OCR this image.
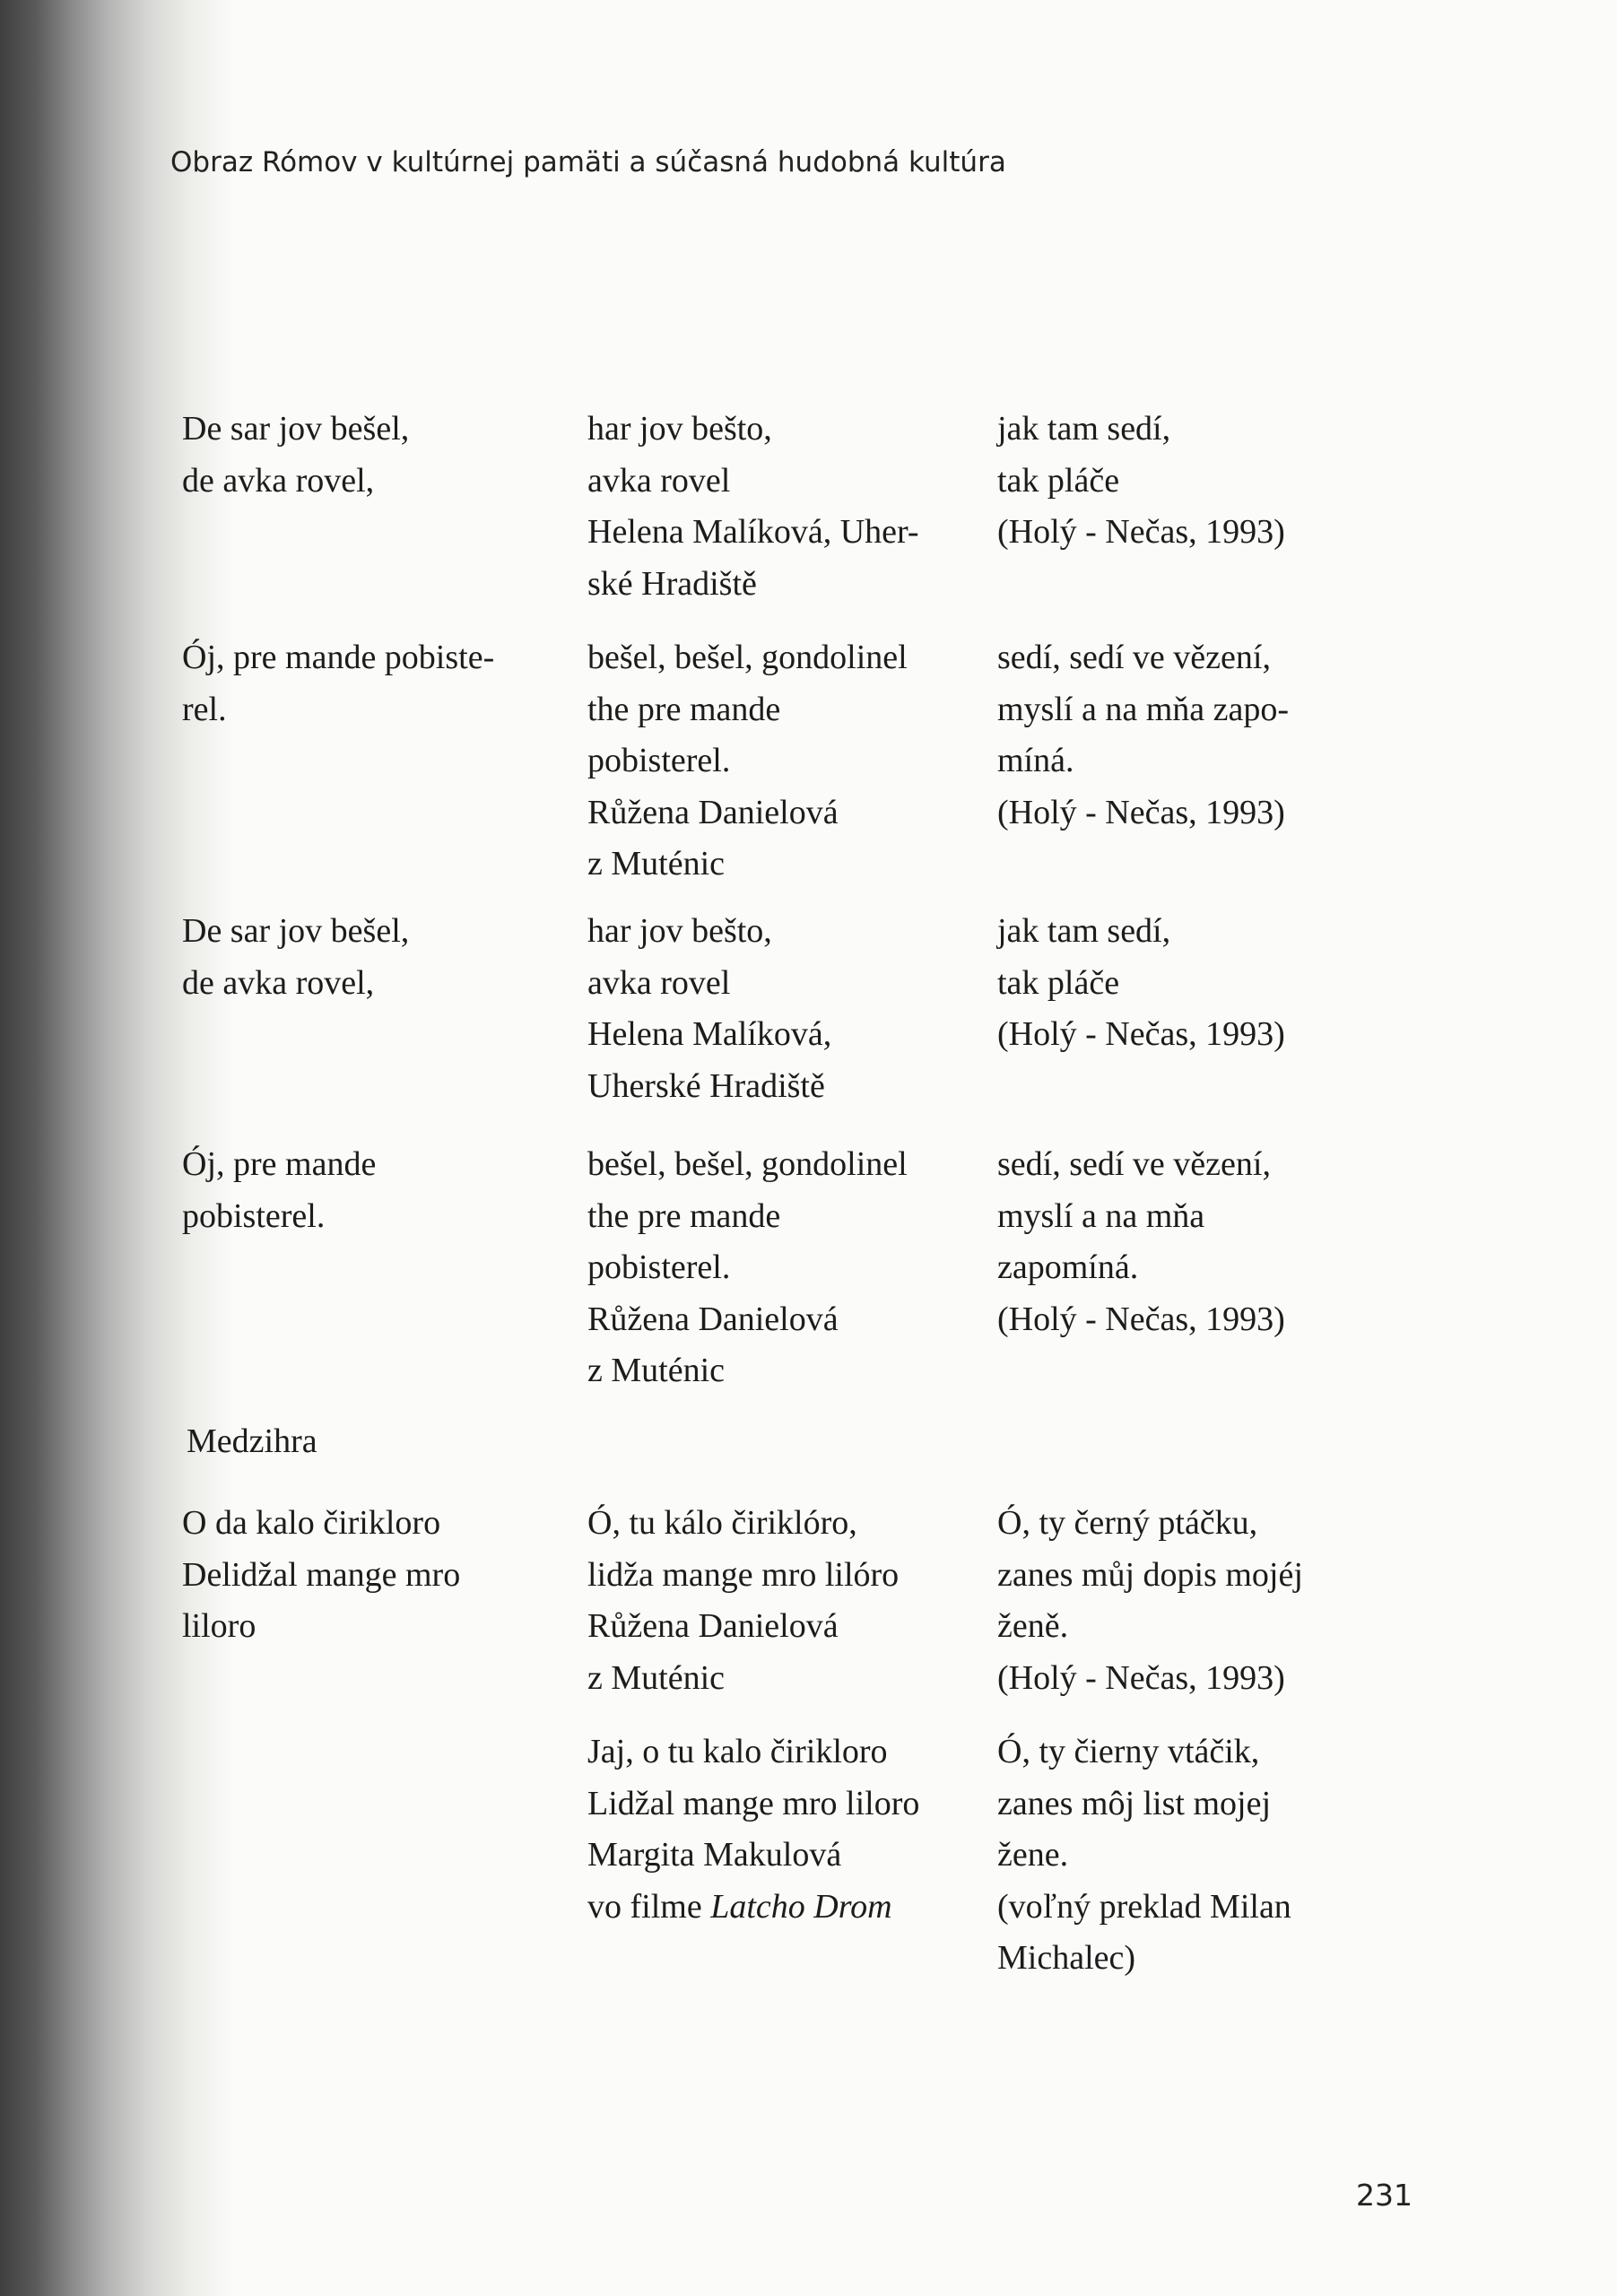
Obraz Rómov v kultúrnej pamäti a súčasná hudobná kultúra
De sar jov bešel,
de avka rovel,
har jov bešto,
avka rovel
Helena Malíková, Uher-
ské Hradiště
jak tam sedí,
tak pláče
(Holý - Nečas, 1993)
Ój, pre mande pobiste-
rel.
bešel, bešel, gondolinel
the pre mande
pobisterel.
Růžena Danielová
z Muténic
sedí, sedí ve vězení,
myslí a na mňa zapo-
míná.
(Holý - Nečas, 1993)
De sar jov bešel,
de avka rovel,
har jov bešto,
avka rovel
Helena Malíková,
Uherské Hradiště
jak tam sedí,
tak pláče
(Holý - Nečas, 1993)
Ój, pre mande
pobisterel.
bešel, bešel, gondolinel
the pre mande
pobisterel.
Růžena Danielová
z Muténic
sedí, sedí ve vězení,
myslí a na mňa
zapomíná.
(Holý - Nečas, 1993)
Medzihra
O da kalo čirikloro
Delidžal mange mro
liloro
Ó, tu kálo čiriklóro,
lidža mange mro lilóro
Růžena Danielová
z Muténic
Ó, ty černý ptáčku,
zanes můj dopis mojéj
ženě.
(Holý - Nečas, 1993)
Jaj, o tu kalo čirikloro
Lidžal mange mro liloro
Margita Makulová
vo filme Latcho Drom
Ó, ty čierny vtáčik,
zanes môj list mojej
žene.
(voľný preklad Milan
Michalec)
231
